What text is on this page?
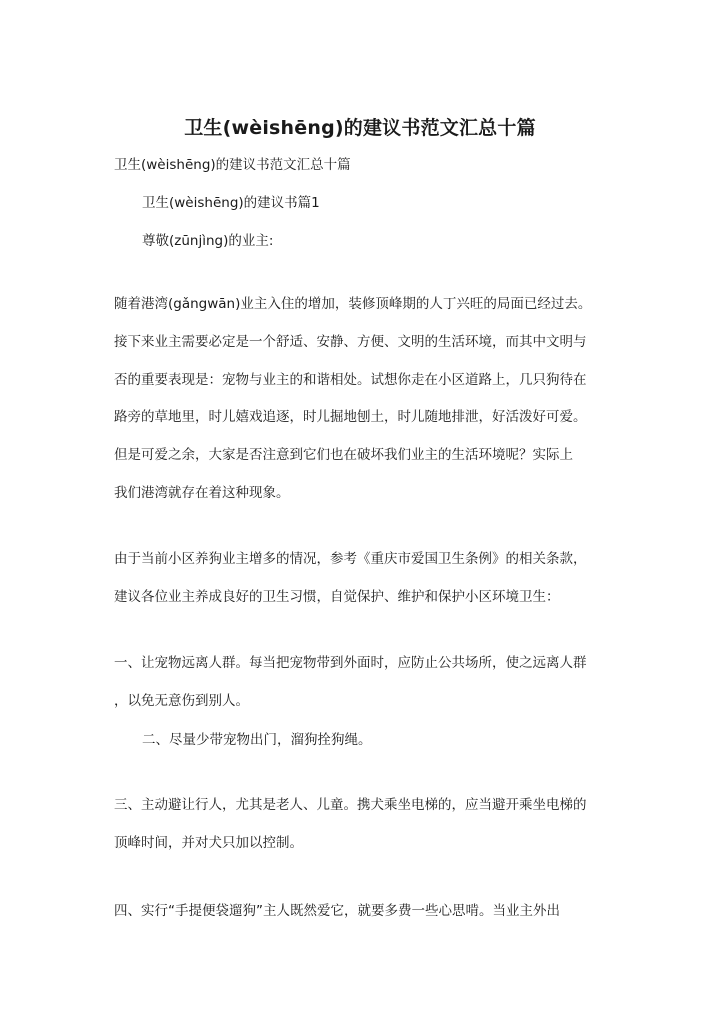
卫生(wèishēng)的建议书范文汇总十篇
卫生(wèishēng)的建议书范文汇总十篇
卫生(wèishēng)的建议书篇1
尊敬(zūnjìng)的业主:
随着港湾(gǎngwān)业主入住的增加，装修顶峰期的人丁兴旺的局面已经过去。
接下来业主需要必定是一个舒适、安静、方便、文明的生活环境，而其中文明与
否的重要表现是：宠物与业主的和谐相处。试想你走在小区道路上，几只狗待在
路旁的草地里，时儿嬉戏追逐，时儿掘地刨土，时儿随地排泄，好活泼好可爱。
但是可爱之余，大家是否注意到它们也在破坏我们业主的生活环境呢？实际上
我们港湾就存在着这种现象。
由于当前小区养狗业主增多的情况，参考《重庆市爱国卫生条例》的相关条款，
建议各位业主养成良好的卫生习惯，自觉保护、维护和保护小区环境卫生：
一、让宠物远离人群。每当把宠物带到外面时，应防止公共场所，使之远离人群
，以免无意伤到别人。
二、尽量少带宠物出门，溜狗拴狗绳。
三、主动避让行人，尤其是老人、儿童。携犬乘坐电梯的，应当避开乘坐电梯的
顶峰时间，并对犬只加以控制。
四、实行“手提便袋遛狗”主人既然爱它，就要多费一些心思啃。当业主外出
